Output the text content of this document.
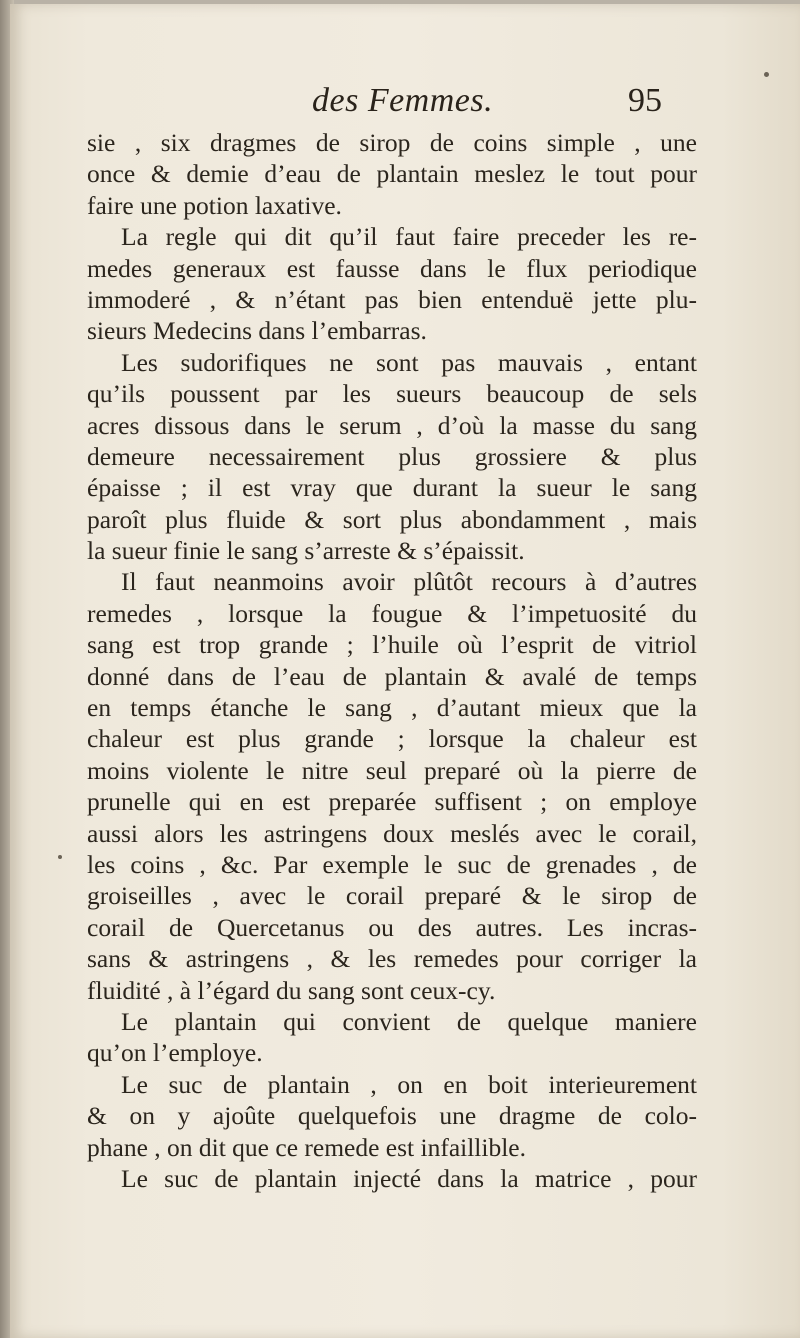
des Femmes.	95
sie , six dragmes de sirop de coins simple , une
once & demie d’eau de plantain meslez le tout pour
faire une potion laxative.
La regle qui dit qu’il faut faire preceder les re-
medes generaux est fausse dans le flux periodique
immoderé , & n’étant pas bien entenduë jette plu-
sieurs Medecins dans l’embarras.
Les sudorifiques ne sont pas mauvais , entant
qu’ils poussent par les sueurs beaucoup de sels
acres dissous dans le serum , d’où la masse du sang
demeure necessairement plus grossiere & plus
épaisse ; il est vray que durant la sueur le sang
paroît plus fluide & sort plus abondamment , mais
la sueur finie le sang s’arreste & s’épaissit.
Il faut neanmoins avoir plûtôt recours à d’autres
remedes , lorsque la fougue & l’impetuosité du
sang est trop grande ; l’huile où l’esprit de vitriol
donné dans de l’eau de plantain & avalé de temps
en temps étanche le sang , d’autant mieux que la
chaleur est plus grande ; lorsque la chaleur est
moins violente le nitre seul preparé où la pierre de
prunelle qui en est preparée suffisent ; on employe
aussi alors les astringens doux meslés avec le corail,
les coins , &c. Par exemple le suc de grenades , de
groiseilles , avec le corail preparé & le sirop de
corail de Quercetanus ou des autres. Les incras-
sans & astringens , & les remedes pour corriger la
fluidité , à l’égard du sang sont ceux-cy.
Le plantain qui convient de quelque maniere
qu’on l’employe.
Le suc de plantain , on en boit interieurement
& on y ajoûte quelquefois une dragme de colo-
phane , on dit que ce remede est infaillible.
Le suc de plantain injecté dans la matrice , pour
